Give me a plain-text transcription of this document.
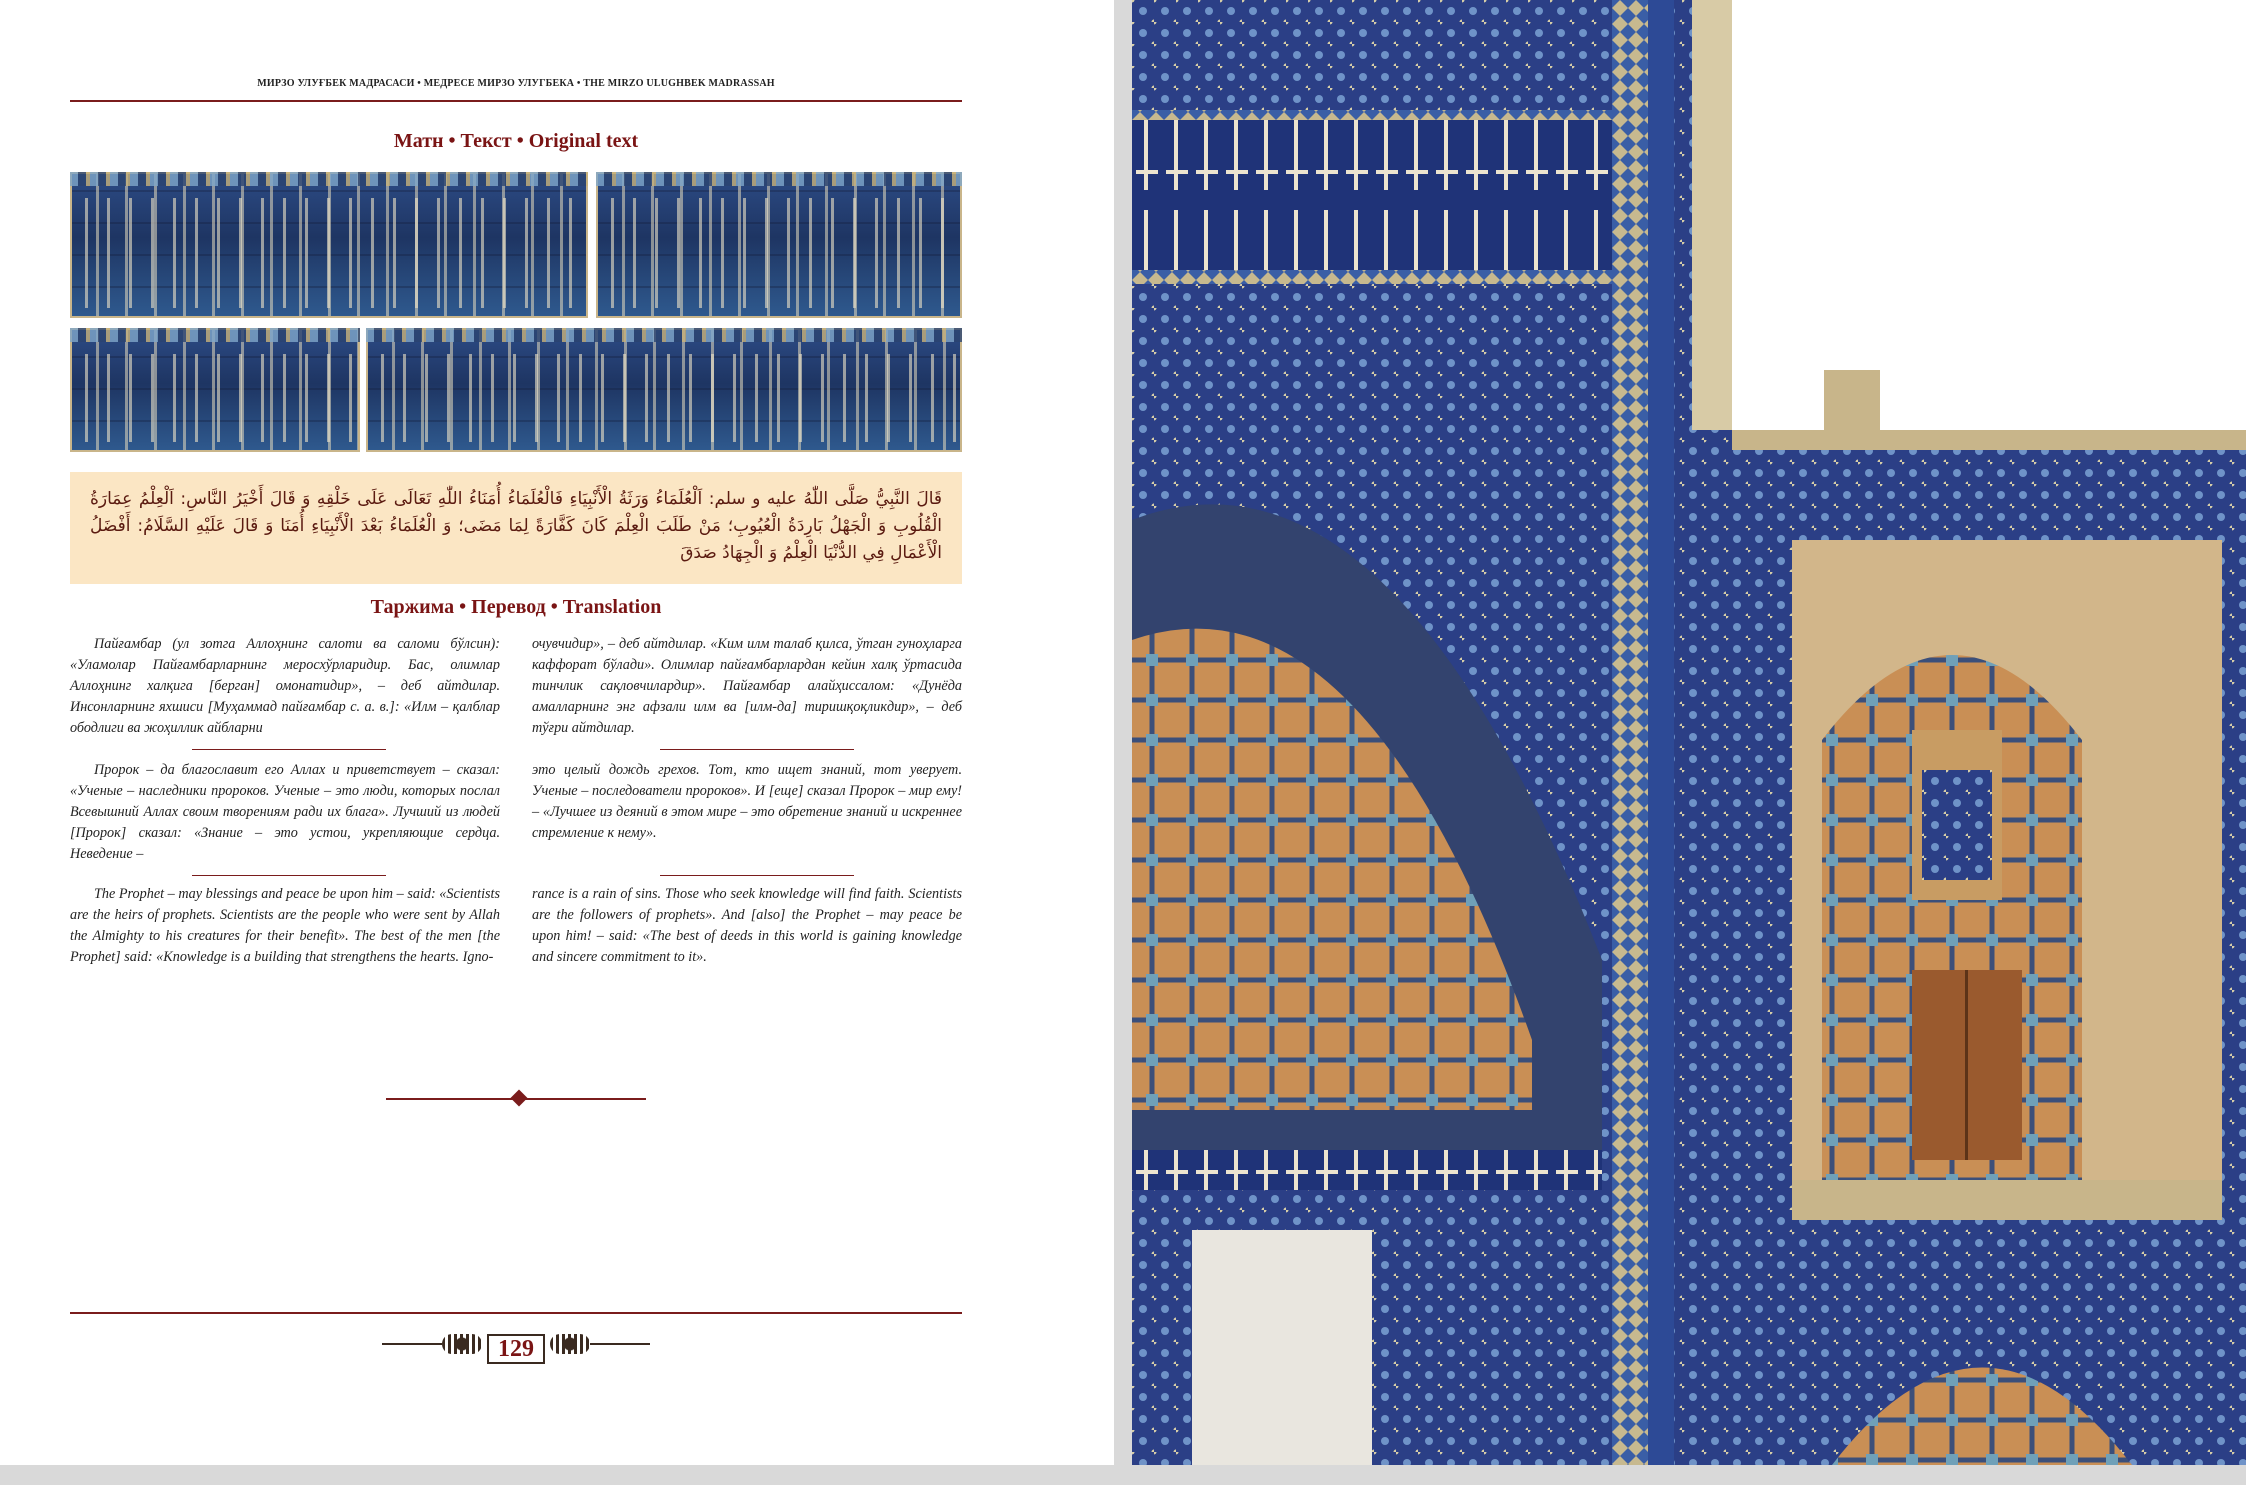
МИРЗО УЛУҒБЕК МАДРАСАСИ • МЕДРЕСЕ МИРЗО УЛУГБЕКА • THE MIRZO ULUGHBEK MADRASSAH
Матн • Текст • Original text
قَالَ النَّبِيُّ صَلَّى اللّٰهُ عليه و سلم: اَلْعُلَمَاءُ وَرَثَةُ الْأَنْبِيَاءِ فَالْعُلَمَاءُ أُمَنَاءُ اللّٰهِ تَعَالَى عَلَى خَلْقِهِ وَ قَالَ أَخْيَرُ النَّاسِ: اَلْعِلْمُ عِمَارَةُ الْقُلُوبِ وَ الْجَهْلُ بَارِدَةُ الْعُيُوبِ؛ مَنْ طَلَبَ الْعِلْمَ كَانَ كَفَّارَةً لِمَا مَضَى؛ وَ الْعُلَمَاءُ بَعْدَ الْأَنْبِيَاءِ أُمَنَا وَ قَالَ عَلَيْهِ السَّلَامُ: أَفْضَلُ الْأَعْمَالِ فِي الدُّنْيَا الْعِلْمُ وَ الْجِهَادُ صَدَقَ
Таржима • Перевод • Translation

Пайғамбар (ул зотга Аллоҳнинг салоти ва саломи бўлсин): «Уламолар Пайғамбарларнинг меросхўрларидир. Бас, олимлар Аллоҳнинг халқига [берган] омонатидир», – деб айтдилар. Инсонларнинг яхшиси [Муҳаммад пайғамбар с. а. в.]: «Илм – қалблар ободлиги ва жоҳиллик айбларни

очувчидир», – деб айтдилар. «Ким илм талаб қилса, ўтган гуноҳларга каффорат бўлади». Олимлар пайғамбарлардан кейин халқ ўртасида тинчлик сақловчилардир». Пайғамбар алайҳиссалом: «Дунёда амалларнинг энг афзали илм ва [илм-да] тиришқоқликдир», – деб тўғри айтдилар.

Пророк – да благославит его Аллах и приветствует – сказал: «Ученые – наследники пророков. Ученые – это люди, которых послал Всевышний Аллах своим творениям ради их блага». Лучший из людей [Пророк] сказал: «Знание – это устои, укрепляющие сердца. Неведение –

это целый дождь грехов. Тот, кто ищет знаний, тот уверует. Ученые – последователи пророков». И [еще] сказал Пророк – мир ему! – «Лучшее из деяний в этом мире – это обретение знаний и искреннее стремление к нему».

The Prophet – may blessings and peace be upon him – said: «Scientists are the heirs of prophets. Scientists are the people who were sent by Allah the Almighty to his creatures for their benefit». The best of the men [the Prophet] said: «Knowledge is a building that strengthens the hearts. Igno-

rance is a rain of sins. Those who seek knowledge will find faith. Scientists are the followers of prophets». And [also] the Prophet – may peace be upon him! – said: «The best of deeds in this world is gaining knowledge and sincere commitment to it».

129
